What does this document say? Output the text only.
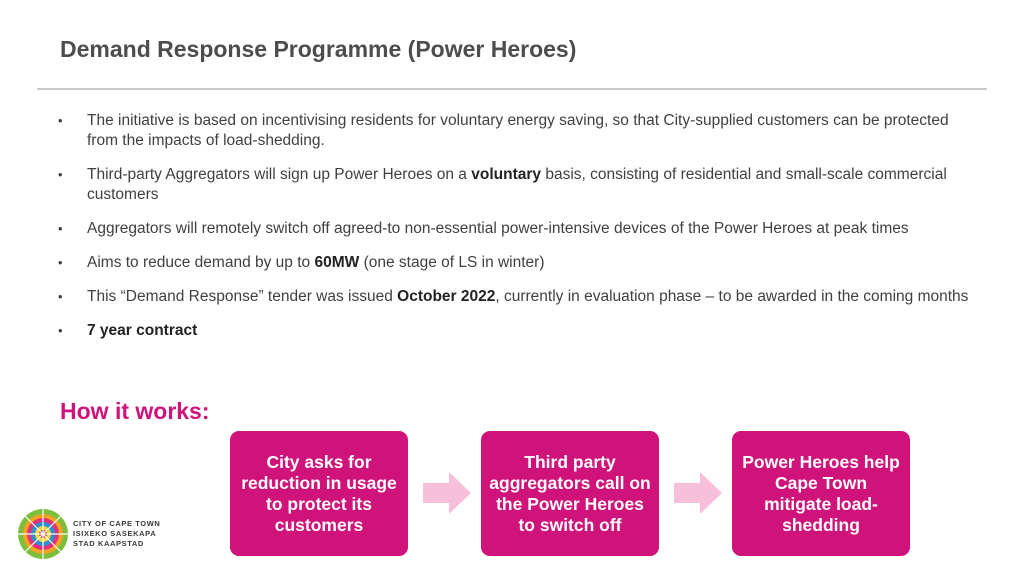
Demand Response Programme (Power Heroes)
• The initiative is based on incentivising residents for voluntary energy saving, so that City-supplied customers can be protected from the impacts of load-shedding.
• Third-party Aggregators will sign up Power Heroes on a voluntary basis, consisting of residential and small-scale commercial customers
• Aggregators will remotely switch off agreed-to non-essential power-intensive devices of the Power Heroes at peak times
• Aims to reduce demand by up to 60MW (one stage of LS in winter)
• This “Demand Response” tender was issued October 2022, currently in evaluation phase – to be awarded in the coming months
• 7 year contract
How it works:
City asks for reduction in usage to protect its customers
Third party aggregators call on the Power Heroes to switch off
Power Heroes help Cape Town mitigate load-shedding
CITY OF CAPE TOWN
ISIXEKO SASEKAPA
STAD KAAPSTAD
